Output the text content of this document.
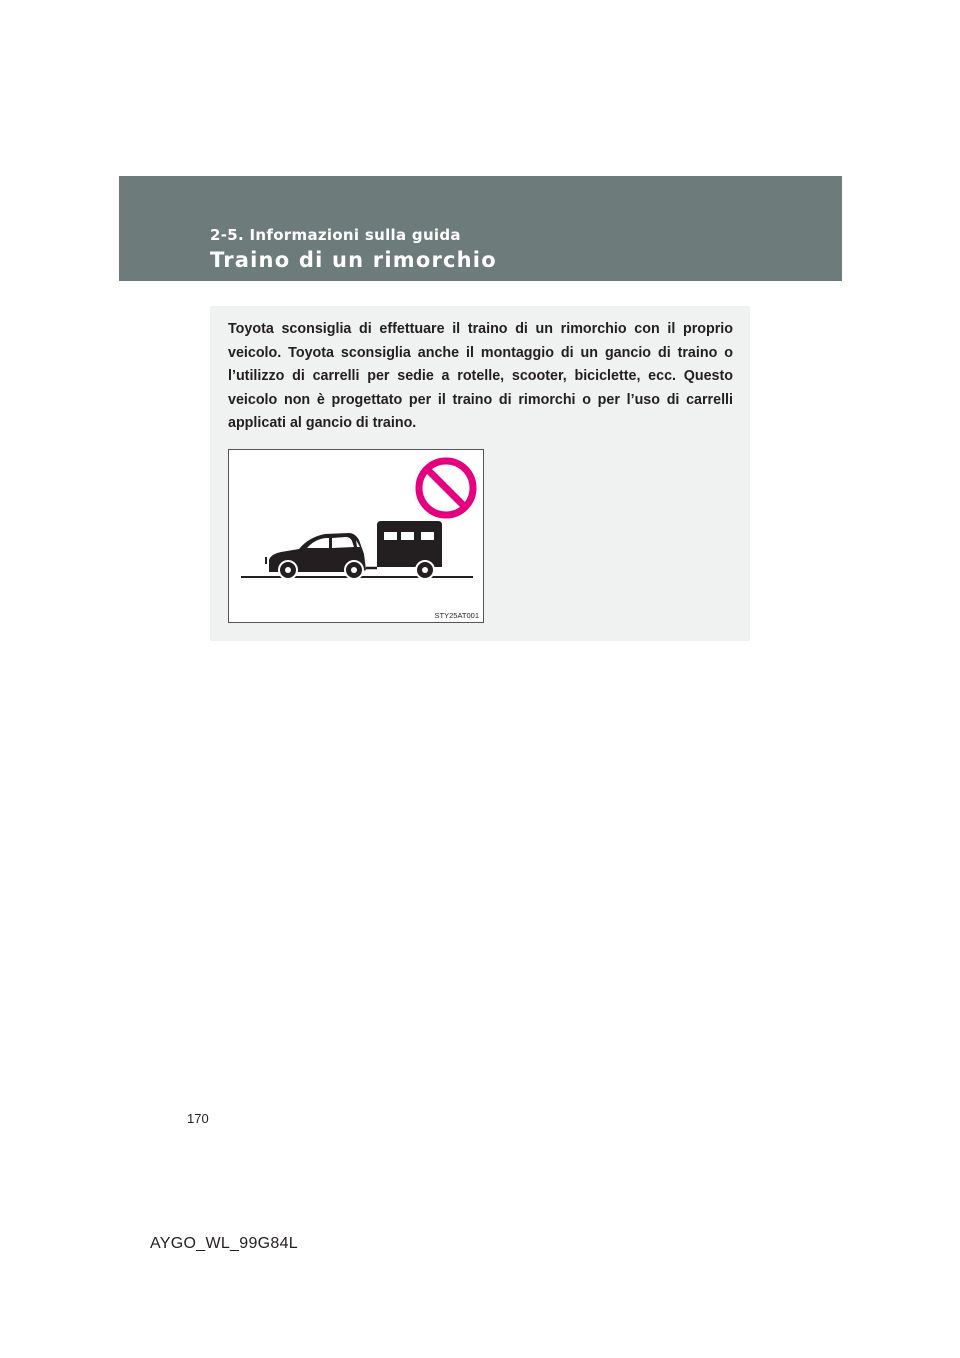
2-5. Informazioni sulla guida
Traino di un rimorchio

Toyota sconsiglia di effettuare il traino di un rimorchio con il proprio veicolo. Toyota sconsiglia anche il montaggio di un gancio di traino o l’utilizzo di carrelli per sedie a rotelle, scooter, biciclette, ecc. Questo veicolo non è progettato per il traino di rimorchi o per l’uso di carrelli applicati al gancio di traino.

STY25AT001
170
AYGO_WL_99G84L
